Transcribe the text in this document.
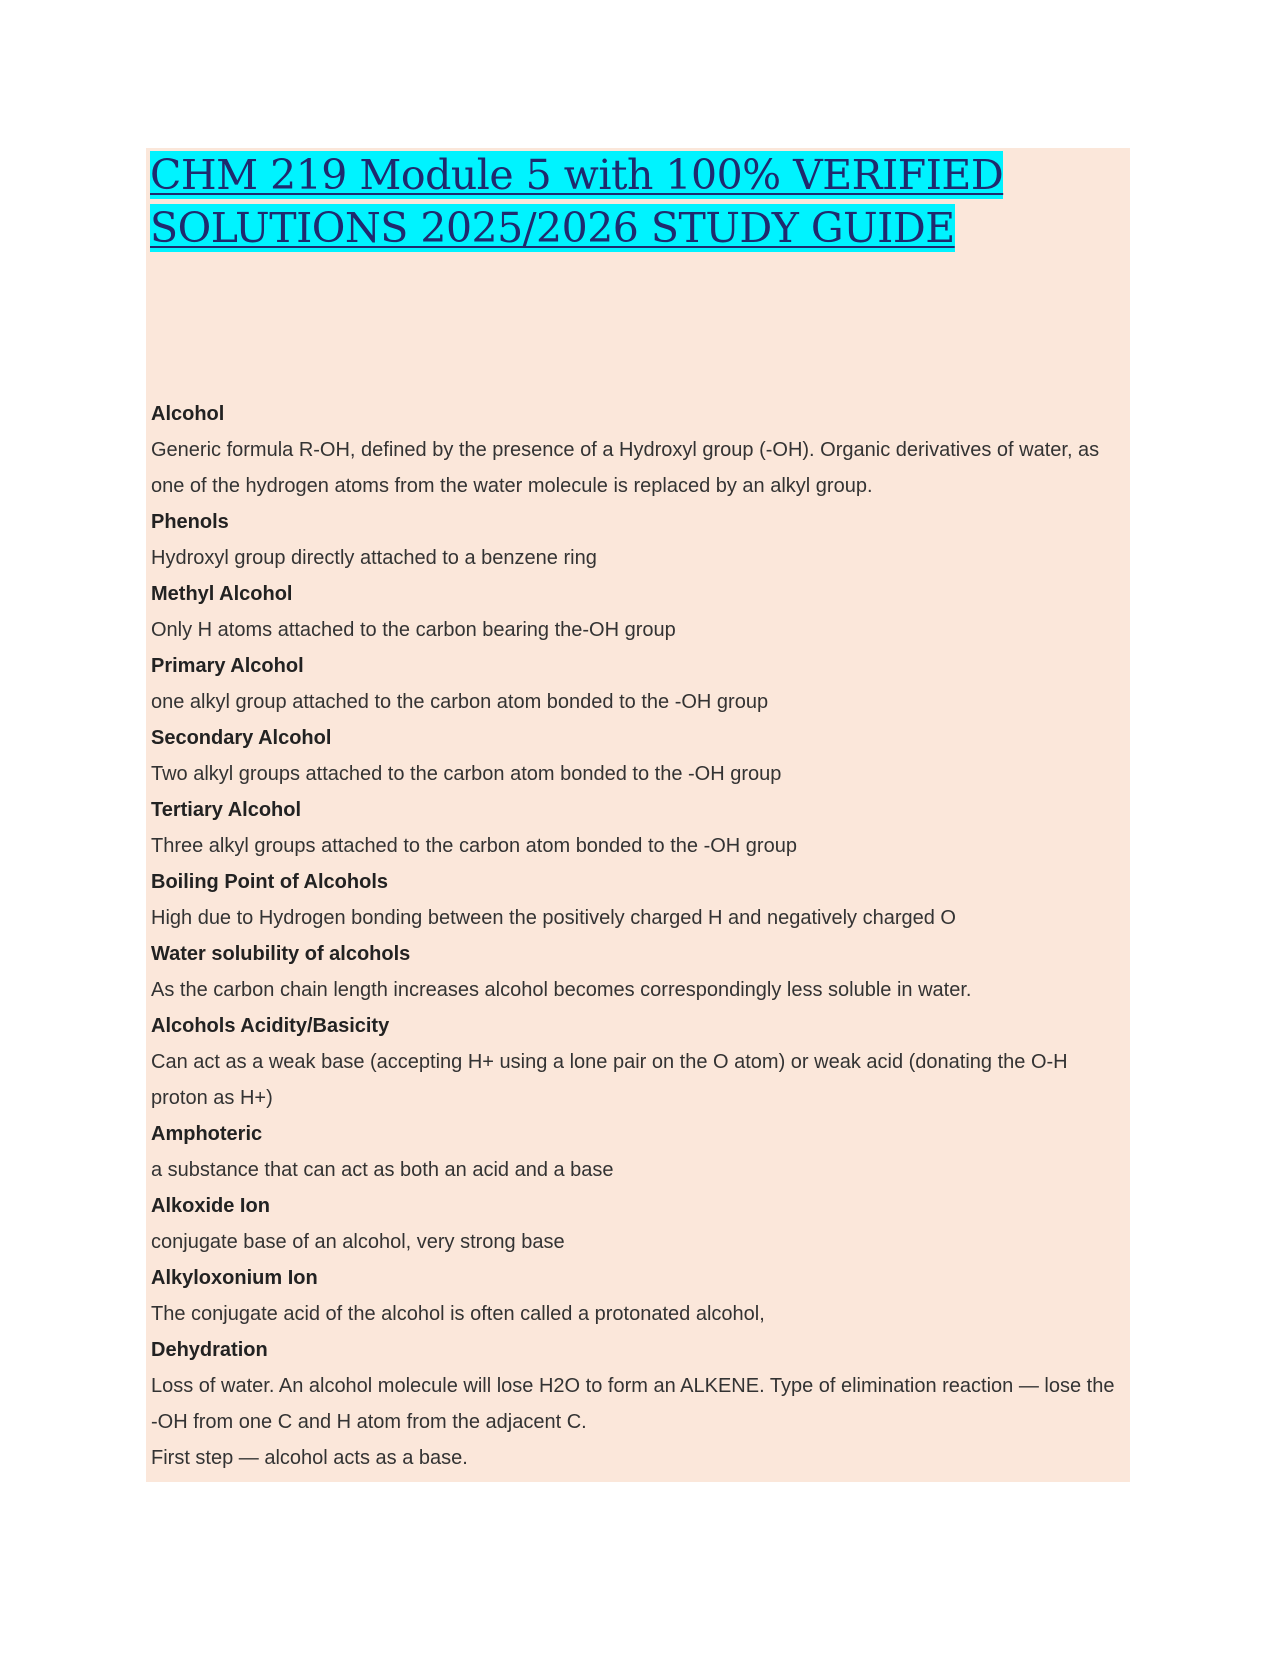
CHM 219 Module 5 with 100% VERIFIED
SOLUTIONS 2025/2026 STUDY GUIDE

Alcohol

Generic formula R-OH, defined by the presence of a Hydroxyl group (-OH). Organic derivatives of water, as one of the hydrogen atoms from the water molecule is replaced by an alkyl group.

Phenols

Hydroxyl group directly attached to a benzene ring

Methyl Alcohol

Only H atoms attached to the carbon bearing the-OH group

Primary Alcohol

one alkyl group attached to the carbon atom bonded to the -OH group

Secondary Alcohol

Two alkyl groups attached to the carbon atom bonded to the -OH group

Tertiary Alcohol

Three alkyl groups attached to the carbon atom bonded to the -OH group

Boiling Point of Alcohols

High due to Hydrogen bonding between the positively charged H and negatively charged O

Water solubility of alcohols

As the carbon chain length increases alcohol becomes correspondingly less soluble in water.

Alcohols Acidity/Basicity

Can act as a weak base (accepting H+ using a lone pair on the O atom) or weak acid (donating the O-H proton as H+)

Amphoteric

a substance that can act as both an acid and a base

Alkoxide Ion

conjugate base of an alcohol, very strong base

Alkyloxonium Ion

The conjugate acid of the alcohol is often called a protonated alcohol,

Dehydration

Loss of water. An alcohol molecule will lose H2O to form an ALKENE. Type of elimination reaction — lose the -OH from one C and H atom from the adjacent C.

First step — alcohol acts as a base.
